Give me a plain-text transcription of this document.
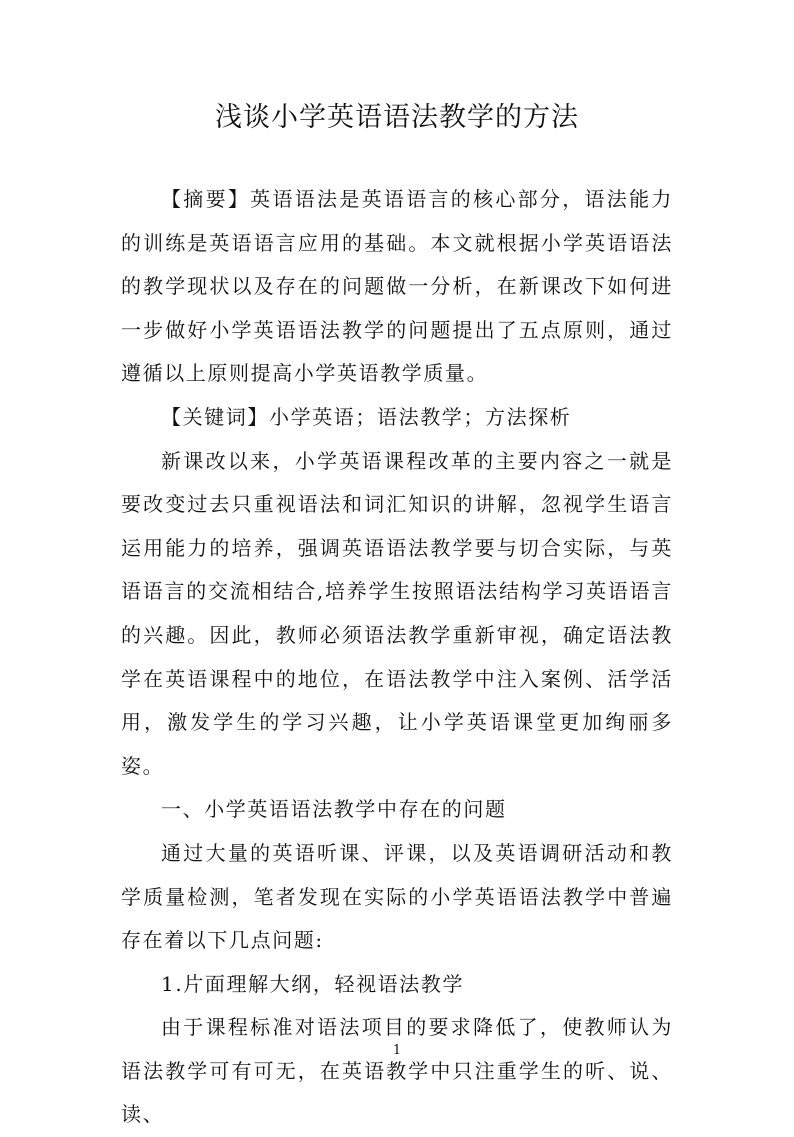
浅谈小学英语语法教学的方法

【摘要】英语语法是英语语言的核心部分，语法能力的训练是英语语言应用的基础。本文就根据小学英语语法的教学现状以及存在的问题做一分析，在新课改下如何进一步做好小学英语语法教学的问题提出了五点原则，通过遵循以上原则提高小学英语教学质量。

【关键词】小学英语；语法教学；方法探析

新课改以来，小学英语课程改革的主要内容之一就是要改变过去只重视语法和词汇知识的讲解，忽视学生语言运用能力的培养，强调英语语法教学要与切合实际，与英语语言的交流相结合,培养学生按照语法结构学习英语语言的兴趣。因此，教师必须语法教学重新审视，确定语法教学在英语课程中的地位，在语法教学中注入案例、活学活用，激发学生的学习兴趣，让小学英语课堂更加绚丽多姿。

一、小学英语语法教学中存在的问题

通过大量的英语听课、评课，以及英语调研活动和教学质量检测，笔者发现在实际的小学英语语法教学中普遍存在着以下几点问题:

1.片面理解大纲，轻视语法教学

由于课程标准对语法项目的要求降低了，使教师认为语法教学可有可无，在英语教学中只注重学生的听、说、读、

1
